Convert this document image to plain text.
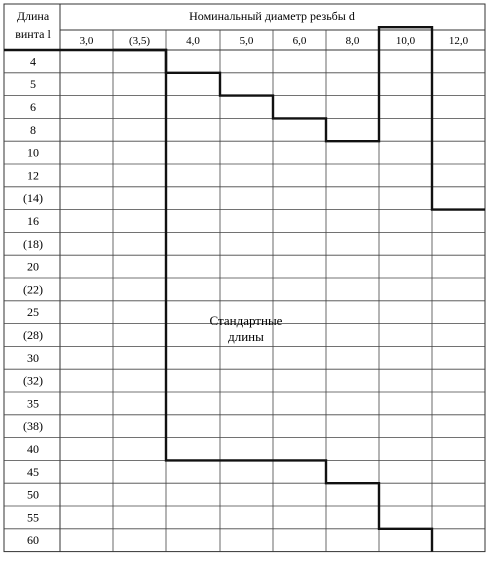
Длина
винта l
Номинальный диаметр резьбы d
3,0	(3,5)	4,0	5,0	6,0	8,0	10,0	12,0
4
5
6
8
10
12
(14)
16
(18)
20
(22)
25
(28)
30
(32)
35
(38)
40
45
50
55
60
Стандартные
длины
